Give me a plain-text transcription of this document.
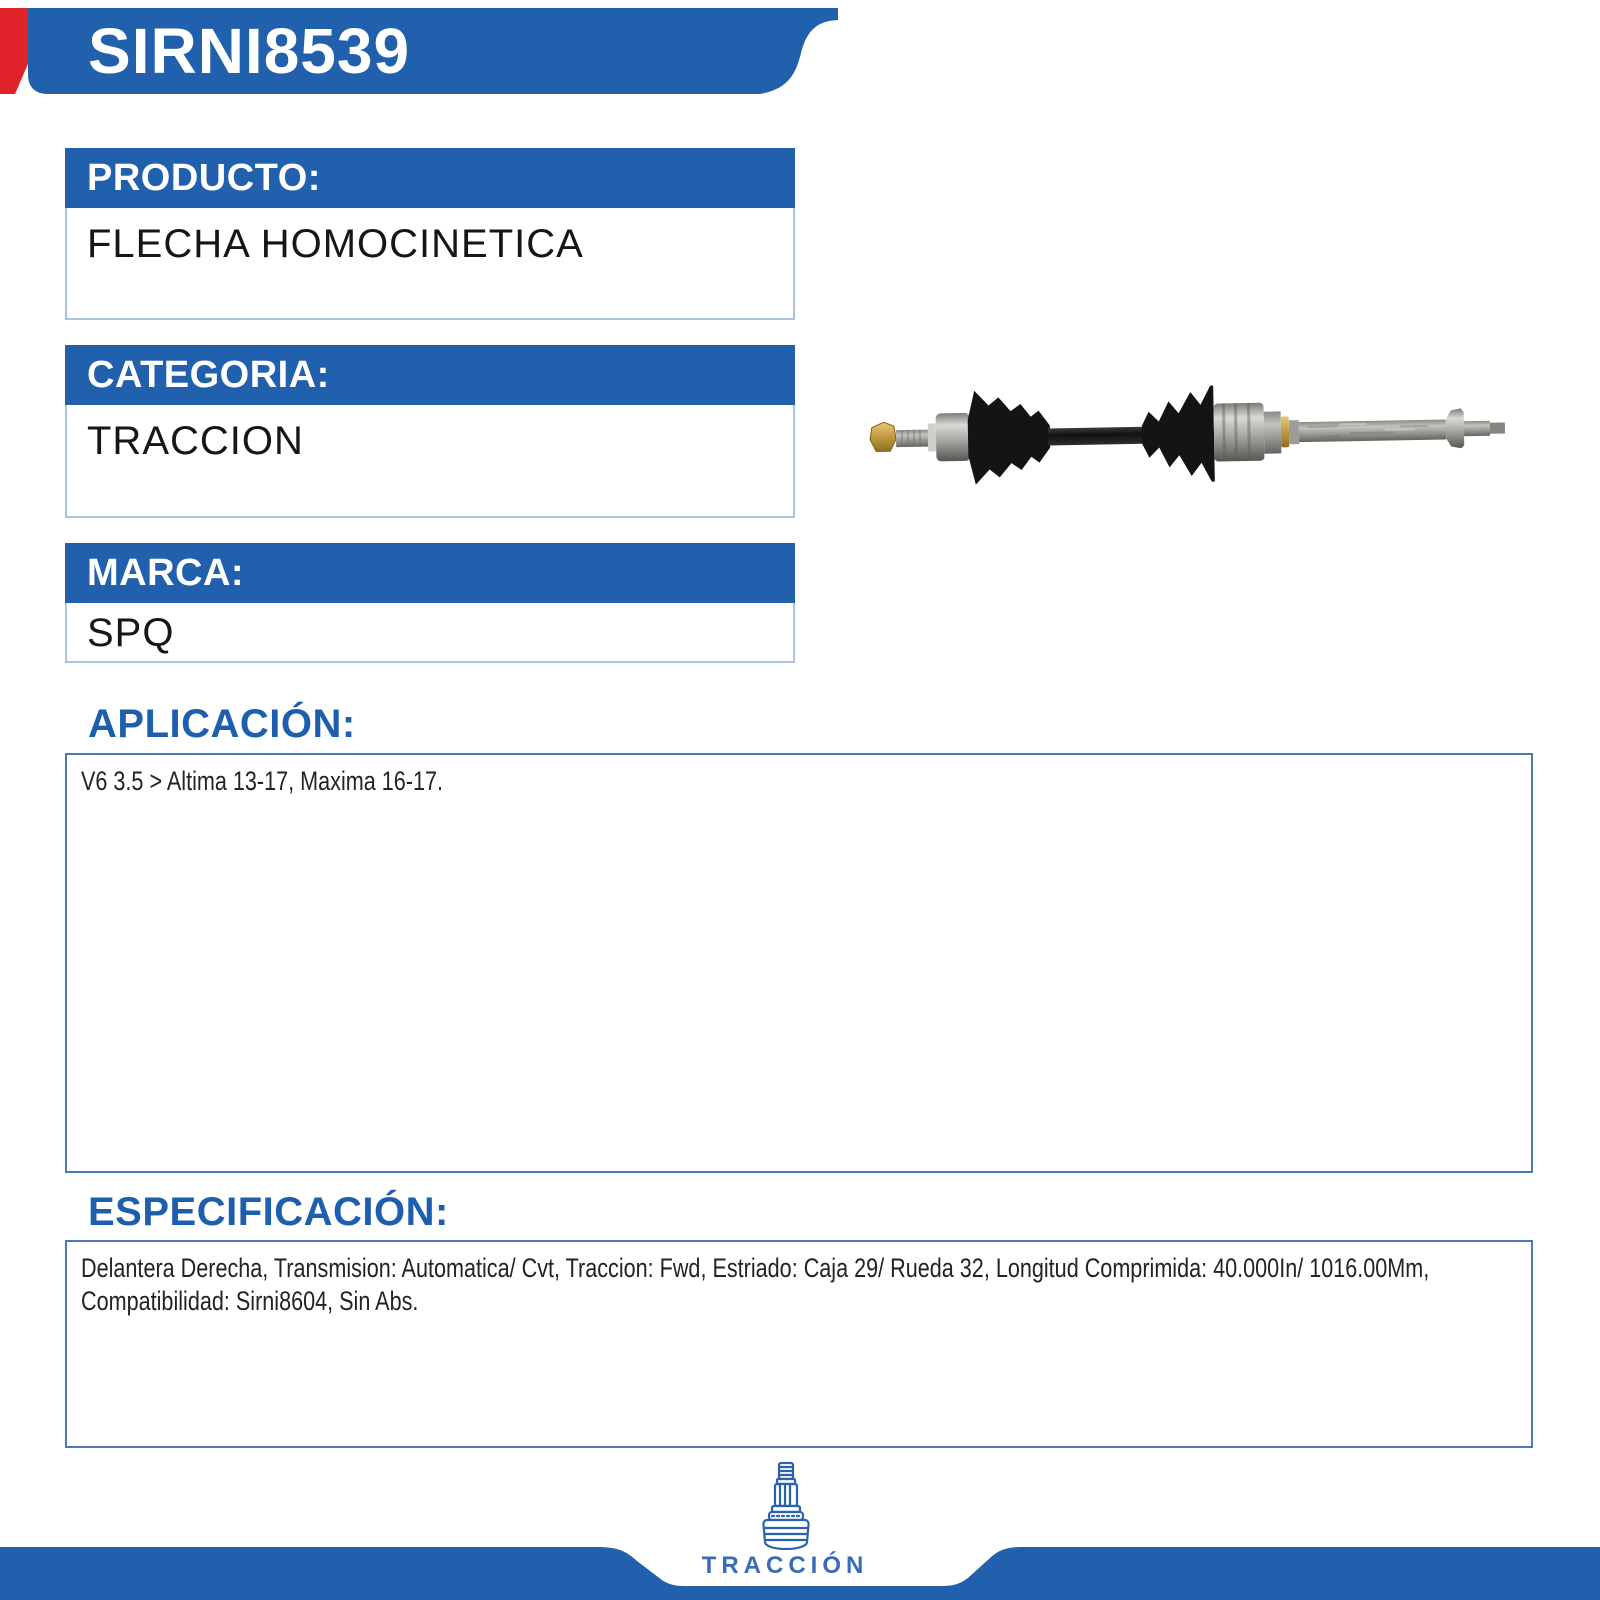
SIRNI8539
PRODUCTO:
FLECHA HOMOCINETICA
CATEGORIA:
TRACCION
MARCA:
SPQ
APLICACIÓN:
V6 3.5 > Altima 13-17, Maxima 16-17.
ESPECIFICACIÓN:
Delantera Derecha, Transmision: Automatica/ Cvt, Traccion: Fwd, Estriado: Caja 29/ Rueda 32, Longitud Comprimida: 40.000In/ 1016.00Mm, Compatibilidad: Sirni8604, Sin Abs.
TRACCIÓN
